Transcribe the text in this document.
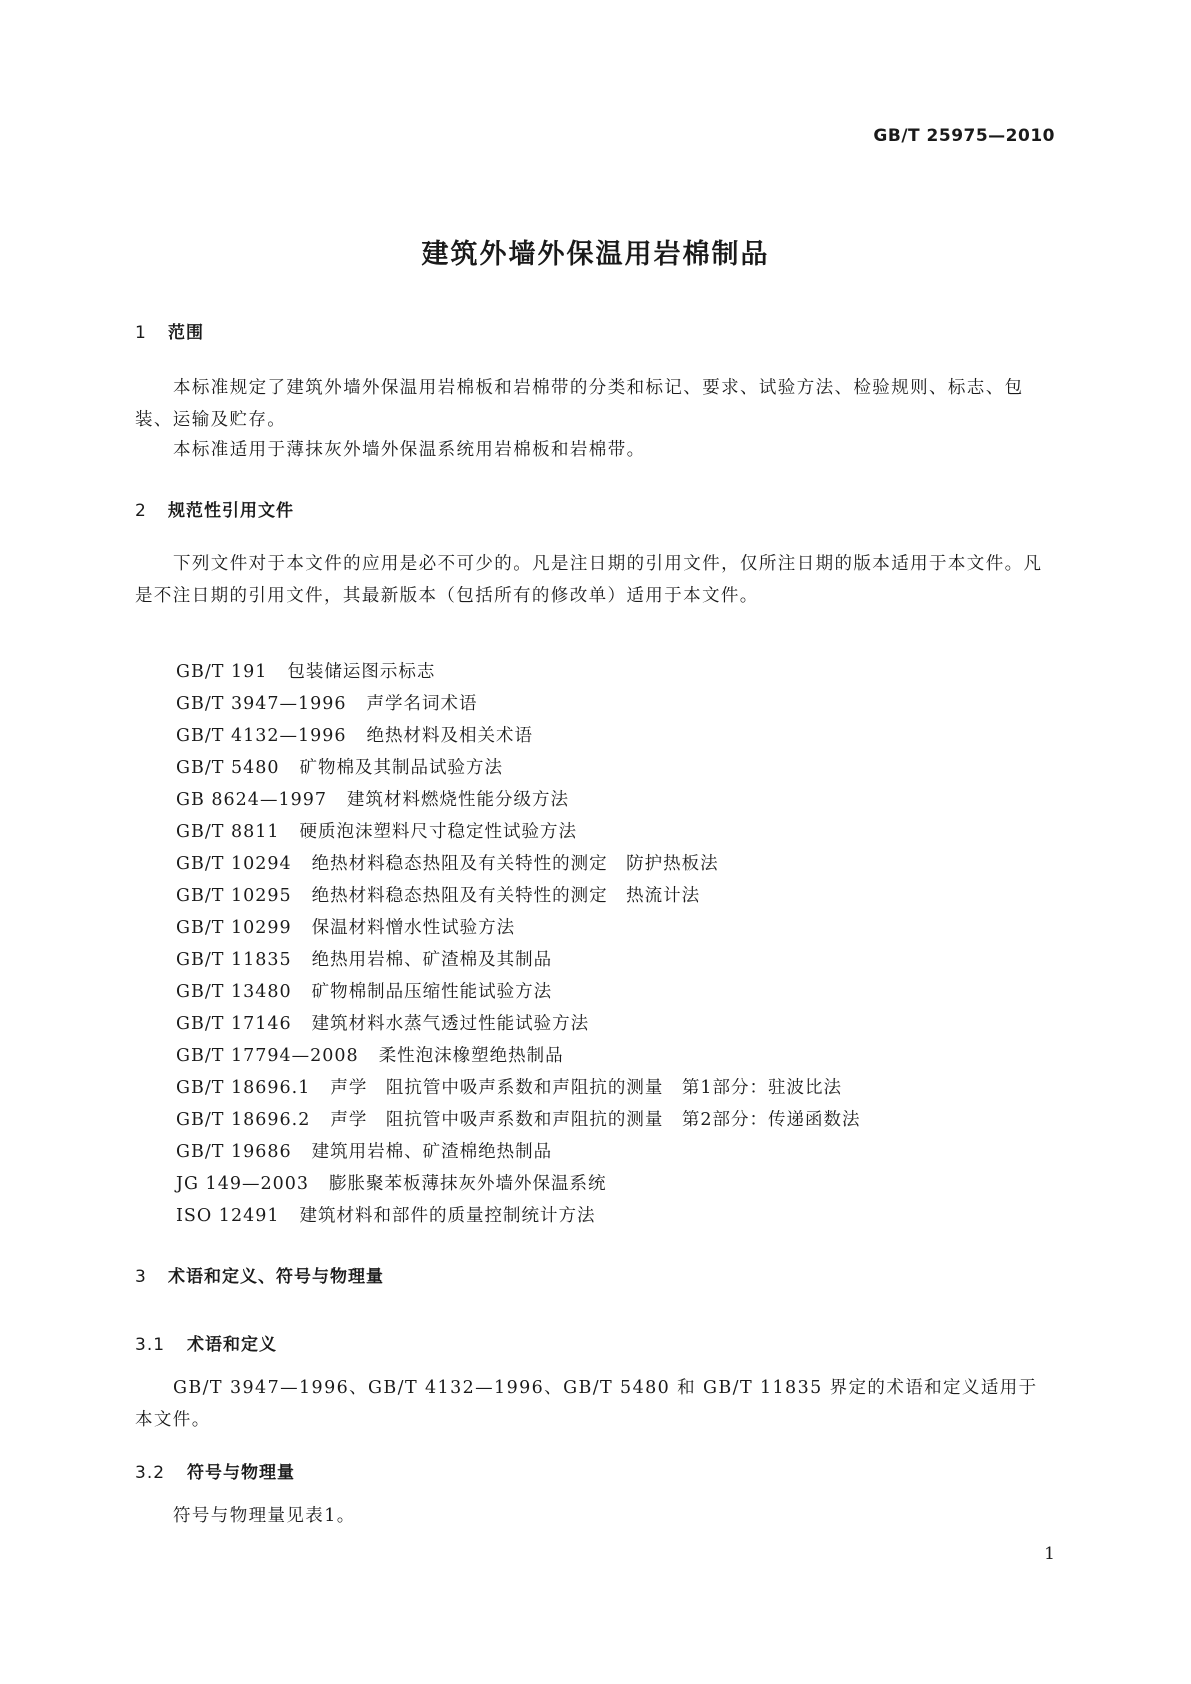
GB/T 25975—2010
建筑外墙外保温用岩棉制品
1 范围

本标准规定了建筑外墙外保温用岩棉板和岩棉带的分类和标记、要求、试验方法、检验规则、标志、包装、运输及贮存。

本标准适用于薄抹灰外墙外保温系统用岩棉板和岩棉带。

2 规范性引用文件

下列文件对于本文件的应用是必不可少的。凡是注日期的引用文件，仅所注日期的版本适用于本文件。凡是不注日期的引用文件，其最新版本（包括所有的修改单）适用于本文件。

GB/T 191 包装储运图示标志
GB/T 3947—1996 声学名词术语
GB/T 4132—1996 绝热材料及相关术语
GB/T 5480 矿物棉及其制品试验方法
GB 8624—1997 建筑材料燃烧性能分级方法
GB/T 8811 硬质泡沫塑料尺寸稳定性试验方法
GB/T 10294 绝热材料稳态热阻及有关特性的测定　防护热板法
GB/T 10295 绝热材料稳态热阻及有关特性的测定　热流计法
GB/T 10299 保温材料憎水性试验方法
GB/T 11835 绝热用岩棉、矿渣棉及其制品
GB/T 13480 矿物棉制品压缩性能试验方法
GB/T 17146 建筑材料水蒸气透过性能试验方法
GB/T 17794—2008 柔性泡沫橡塑绝热制品
GB/T 18696.1 声学　阻抗管中吸声系数和声阻抗的测量　第1部分：驻波比法
GB/T 18696.2 声学　阻抗管中吸声系数和声阻抗的测量　第2部分：传递函数法
GB/T 19686 建筑用岩棉、矿渣棉绝热制品
JG 149—2003 膨胀聚苯板薄抹灰外墙外保温系统
ISO 12491 建筑材料和部件的质量控制统计方法
3 术语和定义、符号与物理量
3.1 术语和定义

GB/T 3947—1996、GB/T 4132—1996、GB/T 5480 和 GB/T 11835 界定的术语和定义适用于本文件。

3.2 符号与物理量

符号与物理量见表1。

1
